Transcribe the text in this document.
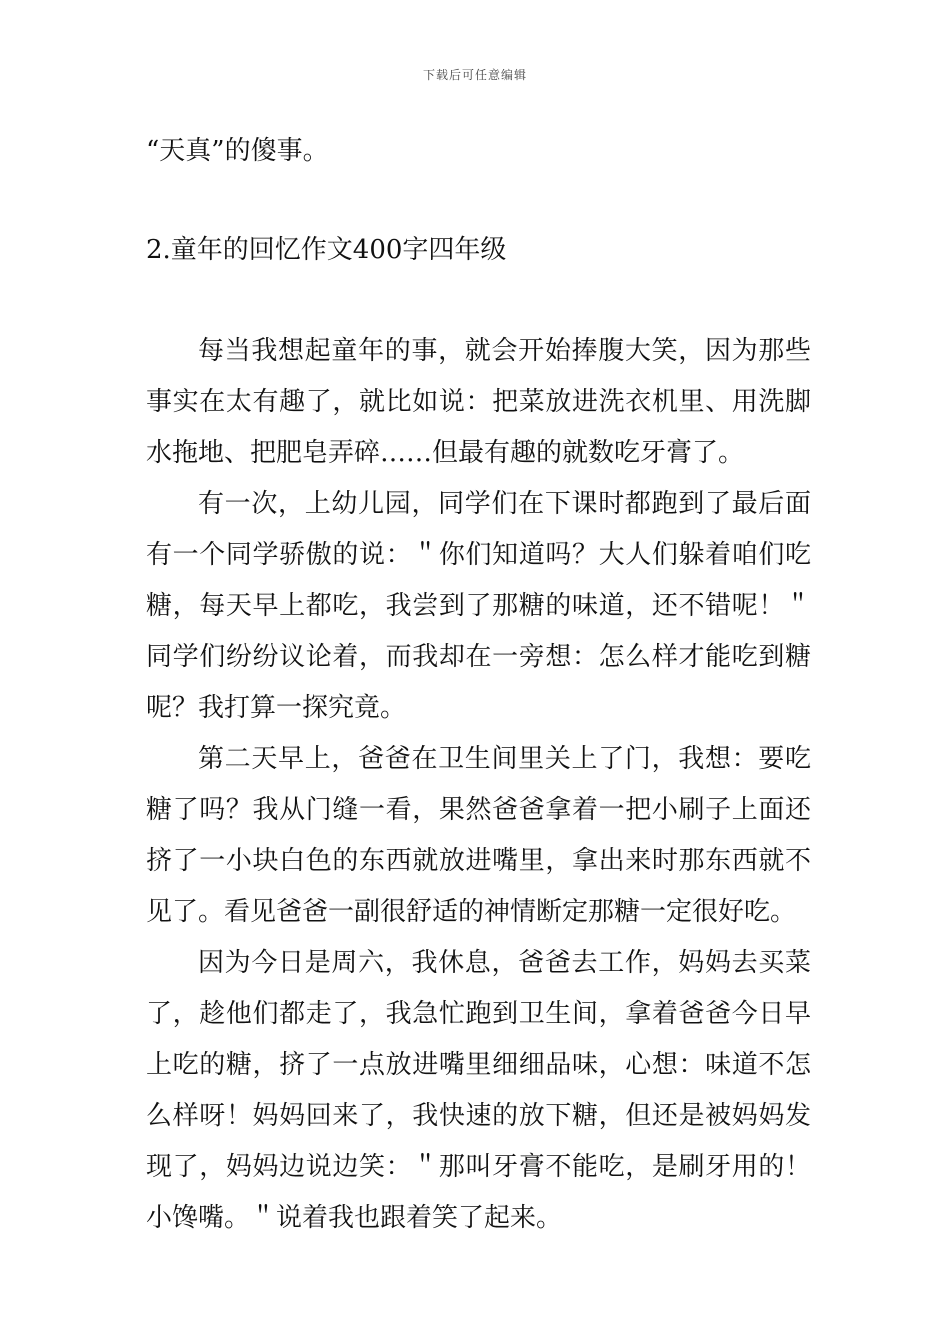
下载后可任意编辑
“天真”的傻事。
2.童年的回忆作文400字四年级

每当我想起童年的事，就会开始捧腹大笑，因为那些事实在太有趣了，就比如说：把菜放进洗衣机里、用洗脚水拖地、把肥皂弄碎……但最有趣的就数吃牙膏了。

有一次，上幼儿园，同学们在下课时都跑到了最后面有一个同学骄傲的说：＂你们知道吗？大人们躲着咱们吃糖，每天早上都吃，我尝到了那糖的味道，还不错呢！＂同学们纷纷议论着，而我却在一旁想：怎么样才能吃到糖呢？我打算一探究竟。

第二天早上，爸爸在卫生间里关上了门，我想：要吃糖了吗？我从门缝一看，果然爸爸拿着一把小刷子上面还挤了一小块白色的东西就放进嘴里，拿出来时那东西就不见了。看见爸爸一副很舒适的神情断定那糖一定很好吃。

因为今日是周六，我休息，爸爸去工作，妈妈去买菜了，趁他们都走了，我急忙跑到卫生间，拿着爸爸今日早上吃的糖，挤了一点放进嘴里细细品味，心想：味道不怎么样呀！妈妈回来了，我快速的放下糖，但还是被妈妈发现了，妈妈边说边笑：＂那叫牙膏不能吃，是刷牙用的！小馋嘴。＂说着我也跟着笑了起来。
